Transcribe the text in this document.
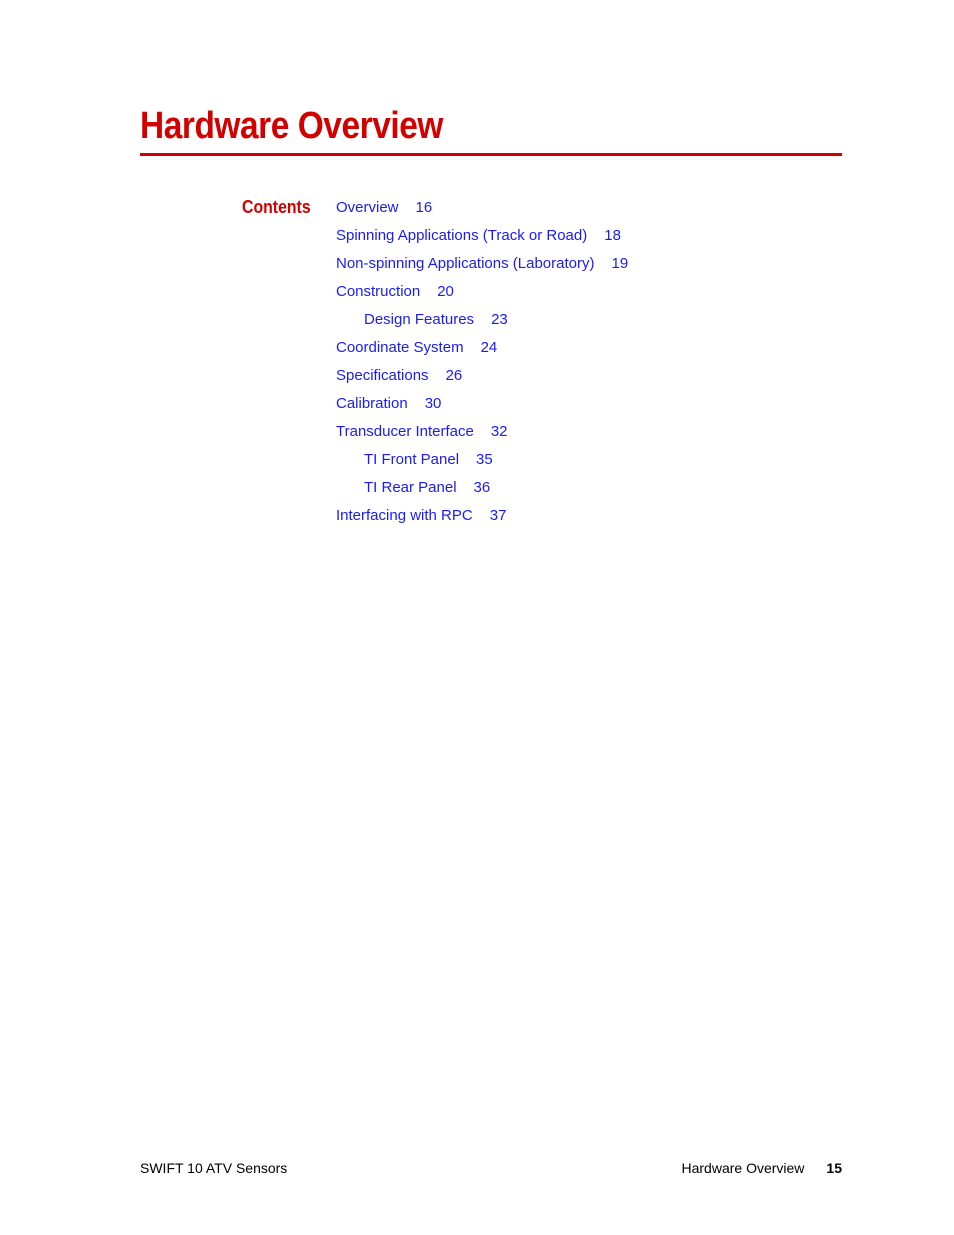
Hardware Overview
Contents Overview 16
Spinning Applications (Track or Road) 18
Non-spinning Applications (Laboratory) 19
Construction 20
Design Features 23
Coordinate System 24
Specifications 26
Calibration 30
Transducer Interface 32
TI Front Panel 35
TI Rear Panel 36
Interfacing with RPC 37
SWIFT 10 ATV Sensors	Hardware Overview 15
